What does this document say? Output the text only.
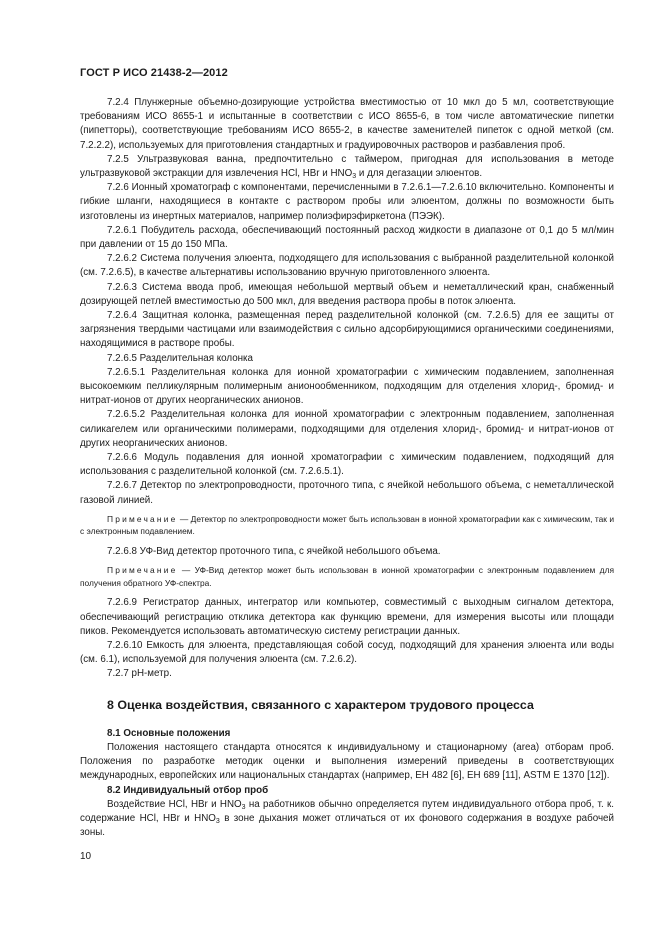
ГОСТ Р ИСО 21438-2—2012

7.2.4 Плунжерные объемно-дозирующие устройства вместимостью от 10 мкл до 5 мл, соответствующие требованиям ИСО 8655-1 и испытанные в соответствии с ИСО 8655-6, в том числе автоматические пипетки (пипетторы), соответствующие требованиям ИСО 8655-2, в качестве заменителей пипеток с одной меткой (см. 7.2.2.2), используемых для приготовления стандартных и градуировочных растворов и разбавления проб.

7.2.5 Ультразвуковая ванна, предпочтительно с таймером, пригодная для использования в методе ультразвуковой экстракции для извлечения HCl, HBr и $HNO_3$ и для дегазации элюентов.

7.2.6 Ионный хроматограф с компонентами, перечисленными в 7.2.6.1—7.2.6.10 включительно. Компоненты и гибкие шланги, находящиеся в контакте с раствором пробы или элюентом, должны по возможности быть изготовлены из инертных материалов, например полиэфирэфиркетона (ПЭЭК).

7.2.6.1 Побудитель расхода, обеспечивающий постоянный расход жидкости в диапазоне от 0,1 до 5 мл/мин при давлении от 15 до 150 МПа.

7.2.6.2 Система получения элюента, подходящего для использования с выбранной разделительной колонкой (см. 7.2.6.5), в качестве альтернативы использованию вручную приготовленного элюента.

7.2.6.3 Система ввода проб, имеющая небольшой мертвый объем и неметаллический кран, снабженный дозирующей петлей вместимостью до 500 мкл, для введения раствора пробы в поток элюента.

7.2.6.4 Защитная колонка, размещенная перед разделительной колонкой (см. 7.2.6.5) для ее защиты от загрязнения твердыми частицами или взаимодействия с сильно адсорбирующимися органическими соединениями, находящимися в растворе пробы.

7.2.6.5 Разделительная колонка

7.2.6.5.1 Разделительная колонка для ионной хроматографии с химическим подавлением, заполненная высокоемким пелликулярным полимерным анионообменником, подходящим для отделения хлорид-, бромид- и нитрат-ионов от других неорганических анионов.

7.2.6.5.2 Разделительная колонка для ионной хроматографии с электронным подавлением, заполненная силикагелем или органическими полимерами, подходящими для отделения хлорид-, бромид- и нитрат-ионов от других неорганических анионов.

7.2.6.6 Модуль подавления для ионной хроматографии с химическим подавлением, подходящий для использования с разделительной колонкой (см. 7.2.6.5.1).

7.2.6.7 Детектор по электропроводности, проточного типа, с ячейкой небольшого объема, с неметаллической газовой линией.

Примечание — Детектор по электропроводности может быть использован в ионной хроматографии как с химическим, так и с электронным подавлением.

7.2.6.8 УФ-Вид детектор проточного типа, с ячейкой небольшого объема.

Примечание — УФ-Вид детектор может быть использован в ионной хроматографии с электронным подавлением для получения обратного УФ-спектра.

7.2.6.9 Регистратор данных, интегратор или компьютер, совместимый с выходным сигналом детектора, обеспечивающий регистрацию отклика детектора как функцию времени, для измерения высоты или площади пиков. Рекомендуется использовать автоматическую систему регистрации данных.

7.2.6.10 Емкость для элюента, представляющая собой сосуд, подходящий для хранения элюента или воды (см. 6.1), используемой для получения элюента (см. 7.2.6.2).

7.2.7 pH-метр.

8 Оценка воздействия, связанного с характером трудового процесса

8.1 Основные положения

Положения настоящего стандарта относятся к индивидуальному и стационарному (area) отборам проб. Положения по разработке методик оценки и выполнения измерений приведены в соответствующих международных, европейских или национальных стандартах (например, ЕН 482 [6], ЕН 689 [11], ASTM Е 1370 [12]).

8.2 Индивидуальный отбор проб

Воздействие HCl, HBr и $HNO_3$ на работников обычно определяется путем индивидуального отбора проб, т. к. содержание HCl, HBr и $HNO_3$ в зоне дыхания может отличаться от их фонового содержания в воздухе рабочей зоны.

10
